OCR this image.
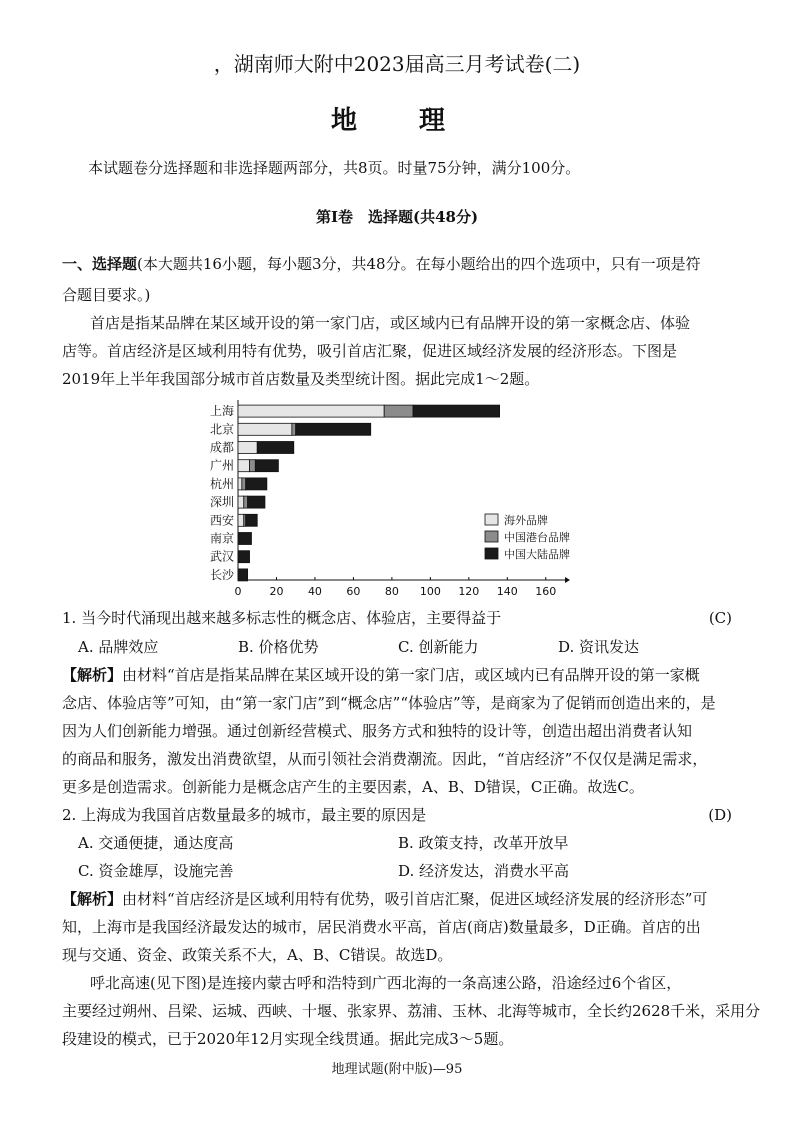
，湖南师大附中2023届高三月考试卷(二)
地　理
本试题卷分选择题和非选择题两部分，共8页。时量75分钟，满分100分。
第Ⅰ卷　选择题(共48分)
一、选择题(本大题共16小题，每小题3分，共48分。在每小题给出的四个选项中，只有一项是符
合题目要求。)
首店是指某品牌在某区域开设的第一家门店，或区域内已有品牌开设的第一家概念店、体验
店等。首店经济是区域利用特有优势，吸引首店汇聚，促进区域经济发展的经济形态。下图是
2019年上半年我国部分城市首店数量及类型统计图。据此完成1～2题。
0	20 40 60 80 100 120 140 160
上海
北京
成都
广州
杭州
深圳
西安
南京
武汉
长沙
海外品牌
中国港台品牌
中国大陆品牌
1. 当今时代涌现出越来越多标志性的概念店、体验店，主要得益于	(C)
A. 品牌效应	B. 价格优势	C. 创新能力	D. 资讯发达
【解析】由材料“首店是指某品牌在某区域开设的第一家门店，或区域内已有品牌开设的第一家概
念店、体验店等”可知，由“第一家门店”到“概念店”“体验店”等，是商家为了促销而创造出来的，是
因为人们创新能力增强。通过创新经营模式、服务方式和独特的设计等，创造出超出消费者认知
的商品和服务，激发出消费欲望，从而引领社会消费潮流。因此，“首店经济”不仅仅是满足需求，
更多是创造需求。创新能力是概念店产生的主要因素，A、B、D错误，C正确。故选C。
2. 上海成为我国首店数量最多的城市，最主要的原因是	(D)
A. 交通便捷，通达度高	B. 政策支持，改革开放早
C. 资金雄厚，设施完善	D. 经济发达，消费水平高
【解析】由材料“首店经济是区域利用特有优势，吸引首店汇聚，促进区域经济发展的经济形态”可
知，上海市是我国经济最发达的城市，居民消费水平高，首店(商店)数量最多，D正确。首店的出
现与交通、资金、政策关系不大，A、B、C错误。故选D。
呼北高速(见下图)是连接内蒙古呼和浩特到广西北海的一条高速公路，沿途经过6个省区，
主要经过朔州、吕梁、运城、西峡、十堰、张家界、荔浦、玉林、北海等城市，全长约2628千米，采用分
段建设的模式，已于2020年12月实现全线贯通。据此完成3～5题。
地理试题(附中版)—95
